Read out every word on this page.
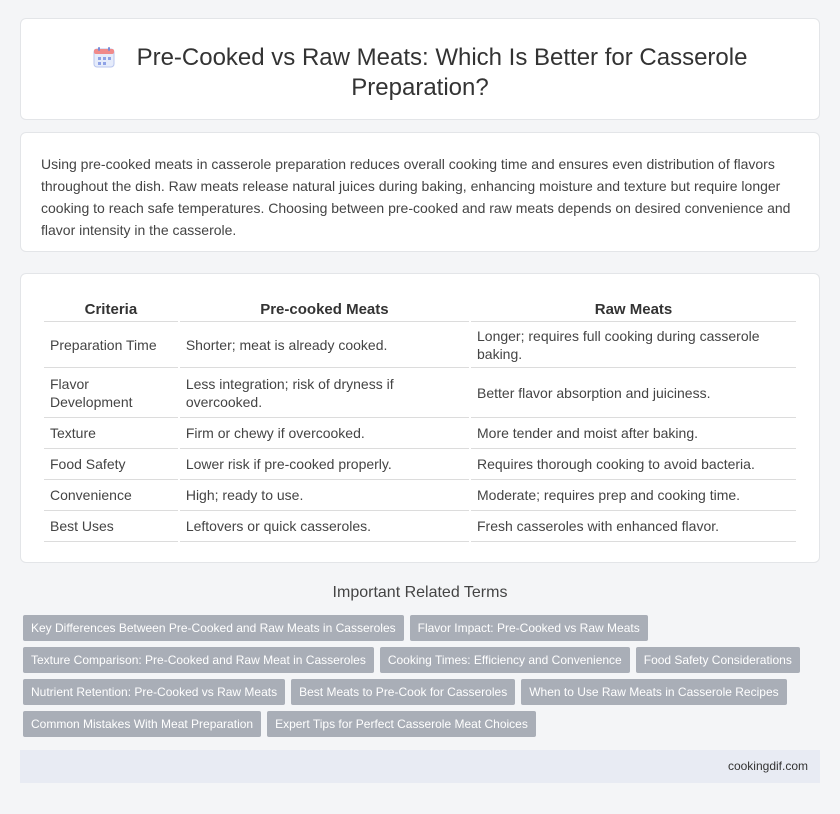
Pre-Cooked vs Raw Meats: Which Is Better for Casserole Preparation?

Using pre-cooked meats in casserole preparation reduces overall cooking time and ensures even distribution of flavors throughout the dish. Raw meats release natural juices during baking, enhancing moisture and texture but require longer cooking to reach safe temperatures. Choosing between pre-cooked and raw meats depends on desired convenience and flavor intensity in the casserole.

Criteria	Pre-cooked Meats	Raw Meats
Preparation Time	Shorter; meat is already cooked.	Longer; requires full cooking during casserole baking.
Flavor Development	Less integration; risk of dryness if overcooked.	Better flavor absorption and juiciness.
Texture	Firm or chewy if overcooked.	More tender and moist after baking.
Food Safety	Lower risk if pre-cooked properly.	Requires thorough cooking to avoid bacteria.
Convenience	High; ready to use.	Moderate; requires prep and cooking time.
Best Uses	Leftovers or quick casseroles.	Fresh casseroles with enhanced flavor.
Important Related Terms
Key Differences Between Pre-Cooked and Raw Meats in Casseroles	Flavor Impact: Pre-Cooked vs Raw Meats
Texture Comparison: Pre-Cooked and Raw Meat in Casseroles	Cooking Times: Efficiency and Convenience	Food Safety Considerations
Nutrient Retention: Pre-Cooked vs Raw Meats	Best Meats to Pre-Cook for Casseroles	When to Use Raw Meats in Casserole Recipes
Common Mistakes With Meat Preparation	Expert Tips for Perfect Casserole Meat Choices
cookingdif.com
